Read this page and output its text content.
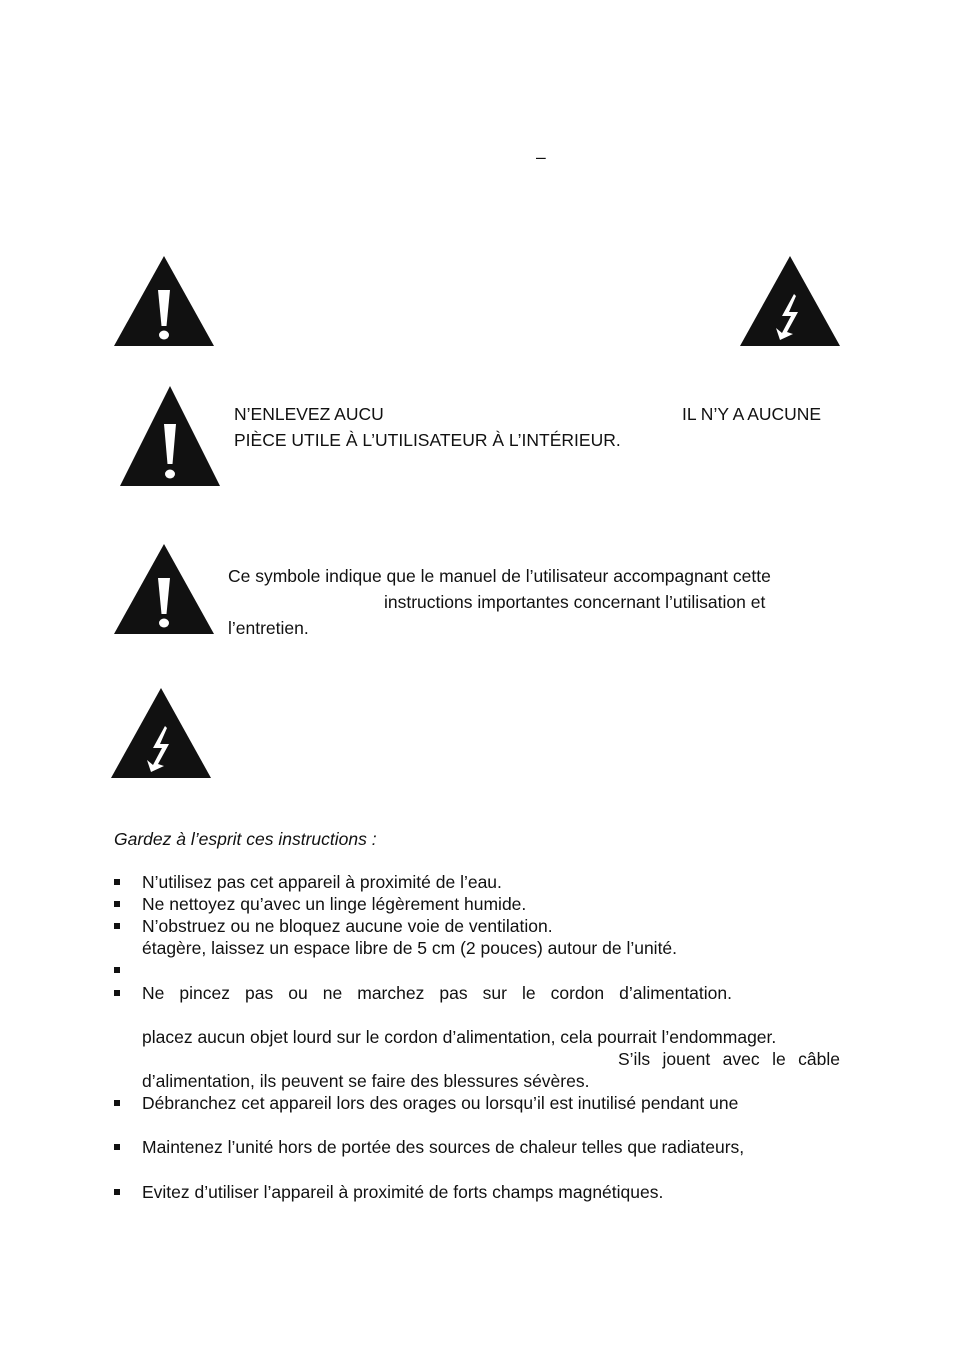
–
N’ENLEVEZ AUCU	IL N’Y A AUCUNE
PIÈCE UTILE À L’UTILISATEUR À L’INTÉRIEUR.
Ce symbole indique que le manuel de l’utilisateur accompagnant cette
instructions importantes concernant l’utilisation et
l’entretien.
Gardez à l’esprit ces instructions :
N’utilisez pas cet appareil à proximité de l’eau.
Ne nettoyez qu’avec un linge légèrement humide.
N’obstruez ou ne bloquez aucune voie de ventilation.
étagère, laissez un espace libre de 5 cm (2 pouces) autour de l’unité.
Ne pincez pas ou ne marchez pas sur le cordon d’alimentation.
placez aucun objet lourd sur le cordon d’alimentation, cela pourrait l’endommager.
S’ils jouent avec le câble
d’alimentation, ils peuvent se faire des blessures sévères.
Débranchez cet appareil lors des orages ou lorsqu’il est inutilisé pendant une
Maintenez l’unité hors de portée des sources de chaleur telles que radiateurs,
Evitez d’utiliser l’appareil à proximité de forts champs magnétiques.
